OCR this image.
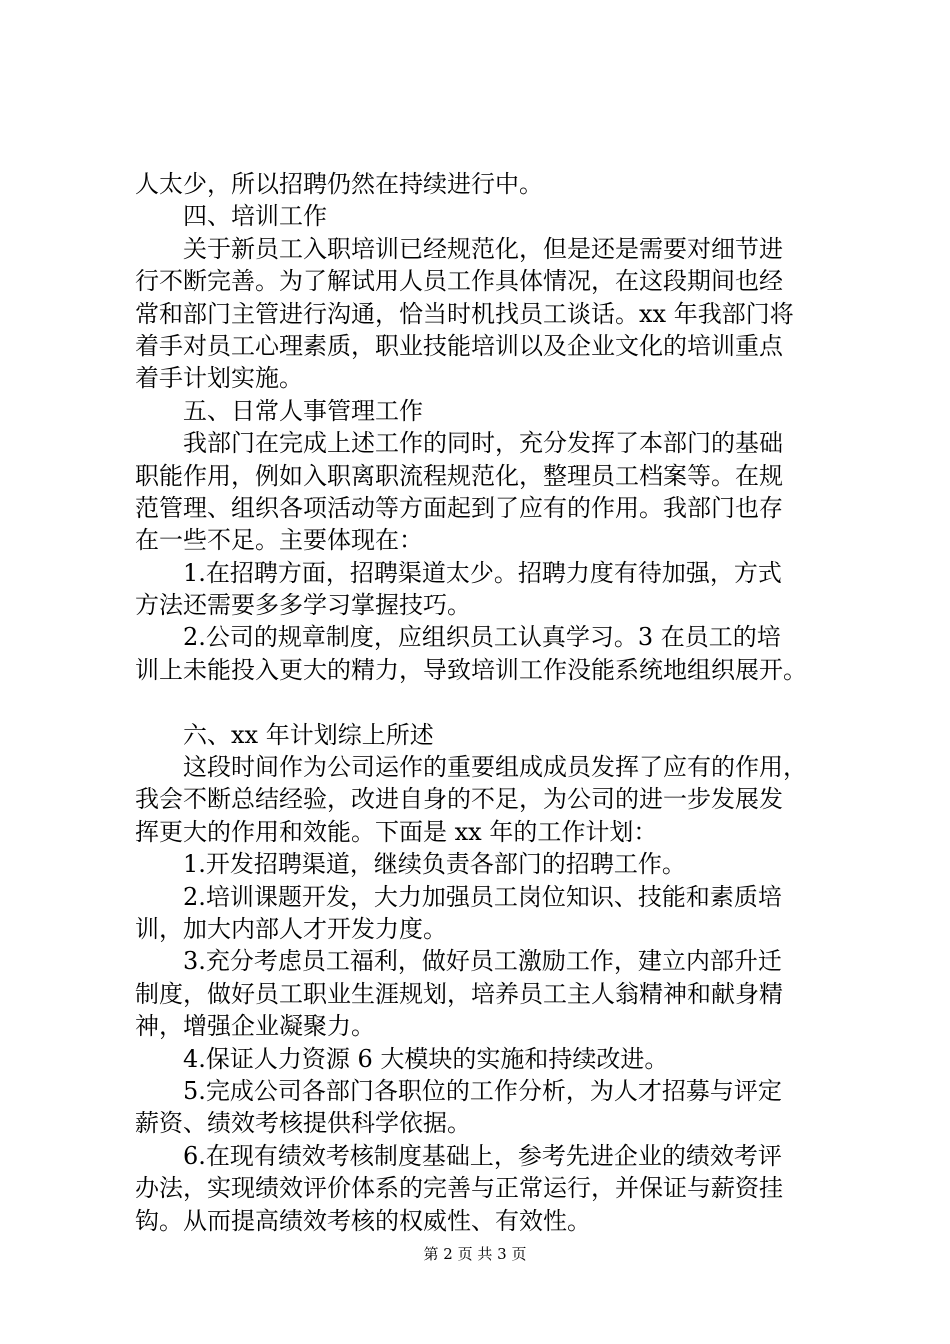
人太少，所以招聘仍然在持续进行中。
四、培训工作
关于新员工入职培训已经规范化，但是还是需要对细节进
行不断完善。为了解试用人员工作具体情况，在这段期间也经
常和部门主管进行沟通，恰当时机找员工谈话。xx 年我部门将
着手对员工心理素质，职业技能培训以及企业文化的培训重点
着手计划实施。
五、日常人事管理工作
我部门在完成上述工作的同时，充分发挥了本部门的基础
职能作用，例如入职离职流程规范化，整理员工档案等。在规
范管理、组织各项活动等方面起到了应有的作用。我部门也存
在一些不足。主要体现在：
1.在招聘方面，招聘渠道太少。招聘力度有待加强，方式
方法还需要多多学习掌握技巧。
2.公司的规章制度，应组织员工认真学习。3 在员工的培
训上未能投入更大的精力，导致培训工作没能系统地组织展开。
六、xx 年计划综上所述
这段时间作为公司运作的重要组成成员发挥了应有的作用，
我会不断总结经验，改进自身的不足，为公司的进一步发展发
挥更大的作用和效能。下面是 xx 年的工作计划：
1.开发招聘渠道，继续负责各部门的招聘工作。
2.培训课题开发，大力加强员工岗位知识、技能和素质培
训，加大内部人才开发力度。
3.充分考虑员工福利，做好员工激励工作，建立内部升迁
制度，做好员工职业生涯规划，培养员工主人翁精神和献身精
神，增强企业凝聚力。
4.保证人力资源 6 大模块的实施和持续改进。
5.完成公司各部门各职位的工作分析，为人才招募与评定
薪资、绩效考核提供科学依据。
6.在现有绩效考核制度基础上，参考先进企业的绩效考评
办法，实现绩效评价体系的完善与正常运行，并保证与薪资挂
钩。从而提高绩效考核的权威性、有效性。
第 2 页 共 3 页
